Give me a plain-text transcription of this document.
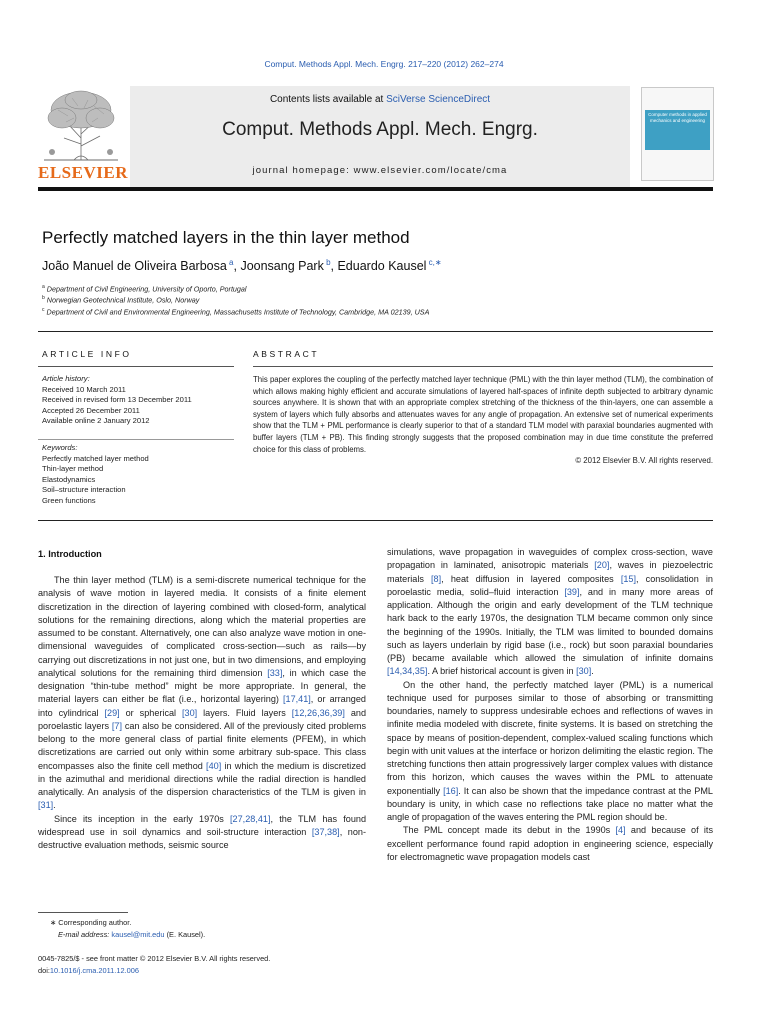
Comput. Methods Appl. Mech. Engrg. 217–220 (2012) 262–274
ELSEVIER
Contents lists available at SciVerse ScienceDirect
Comput. Methods Appl. Mech. Engrg.
journal homepage: www.elsevier.com/locate/cma
Computer methods in applied mechanics and engineering
Perfectly matched layers in the thin layer method
João Manuel de Oliveira Barbosa $^a$, Joonsang Park $^b$, Eduardo Kausel $^{c,∗}$
$^a$ Department of Civil Engineering, University of Oporto, Portugal
$^b$ Norwegian Geotechnical Institute, Oslo, Norway
$^c$ Department of Civil and Environmental Engineering, Massachusetts Institute of Technology, Cambridge, MA 02139, USA
ARTICLE INFO
Article history:
Received 10 March 2011
Received in revised form 13 December 2011
Accepted 26 December 2011
Available online 2 January 2012
Keywords:
Perfectly matched layer method
Thin-layer method
Elastodynamics
Soil–structure interaction
Green functions
ABSTRACT
This paper explores the coupling of the perfectly matched layer technique (PML) with the thin layer method (TLM), the combination of which allows making highly efficient and accurate simulations of layered half-spaces of infinite depth subjected to arbitrary dynamic sources anywhere. It is shown that with an appropriate complex stretching of the thickness of the thin-layers, one can assemble a system of layers which fully absorbs and attenuates waves for any angle of propagation. An extensive set of numerical experiments show that the TLM + PML performance is clearly superior to that of a standard TLM model with paraxial boundaries augmented with buffer layers (TLM + PB). This finding strongly suggests that the proposed combination may in due time constitute the preferred choice for this class of problems.
© 2012 Elsevier B.V. All rights reserved.
1. Introduction

The thin layer method (TLM) is a semi-discrete numerical technique for the analysis of wave motion in layered media. It consists of a finite element discretization in the direction of layering combined with closed-form, analytical solutions for the remaining directions, along which the material properties are assumed to be constant. Alternatively, one can also analyze wave motion in one-dimensional waveguides of complicated cross-section—such as rails—by carrying out discretizations in not just one, but in two dimensions, and employing analytical solutions for the remaining third dimension [33], in which case the designation “thin-tube method” might be more appropriate. In general, the material layers can either be flat (i.e., horizontal layering) [17,41], or arranged into cylindrical [29] or spherical [30] layers. Fluid layers [12,26,36,39] and poroelastic layers [7] can also be considered. All of the previously cited problems belong to the more general class of partial finite elements (PFEM), in which discretizations are carried out only within some arbitrary sub-space. This class encompasses also the finite cell method [40] in which the medium is discretized in the azimuthal and meridional directions while the radial direction is handled analytically. An analysis of the dispersion characteristics of the TLM is given in [31].

Since its inception in the early 1970s [27,28,41], the TLM has found widespread use in soil dynamics and soil-structure interaction [37,38], non-destructive evaluation methods, seismic source

simulations, wave propagation in waveguides of complex cross-section, wave propagation in laminated, anisotropic materials [20], waves in piezoelectric materials [8], heat diffusion in layered composites [15], consolidation in poroelastic media, solid–fluid interaction [39], and in many more areas of application. Although the origin and early development of the TLM technique hark back to the early 1970s, the designation TLM became common only since the beginning of the 1990s. Initially, the TLM was limited to bounded domains such as layers underlain by rigid base (i.e., rock) but soon paraxial boundaries (PB) became available which allowed the simulation of infinite domains [14,34,35]. A brief historical account is given in [30].

On the other hand, the perfectly matched layer (PML) is a numerical technique used for purposes similar to those of absorbing or transmitting boundaries, namely to suppress undesirable echoes and reflections of waves in infinite media modeled with discrete, finite systems. It is based on stretching the space by means of position-dependent, complex-valued scaling functions which begin with unit values at the interface or horizon delimiting the elastic region. The stretching functions then attain progressively larger complex values with distance from this horizon, which causes the waves within the PML to attenuate exponentially [16]. It can also be shown that the impedance contrast at the PML boundary is unity, in which case no reflections take place no matter what the angle of propagation of the waves entering the PML region should be.

The PML concept made its debut in the 1990s [4] and because of its excellent performance found rapid adoption in engineering science, especially for electromagnetic wave propagation models cast

∗ Corresponding author.
E-mail address: kausel@mit.edu (E. Kausel).
0045-7825/$ - see front matter © 2012 Elsevier B.V. All rights reserved.
doi:10.1016/j.cma.2011.12.006
